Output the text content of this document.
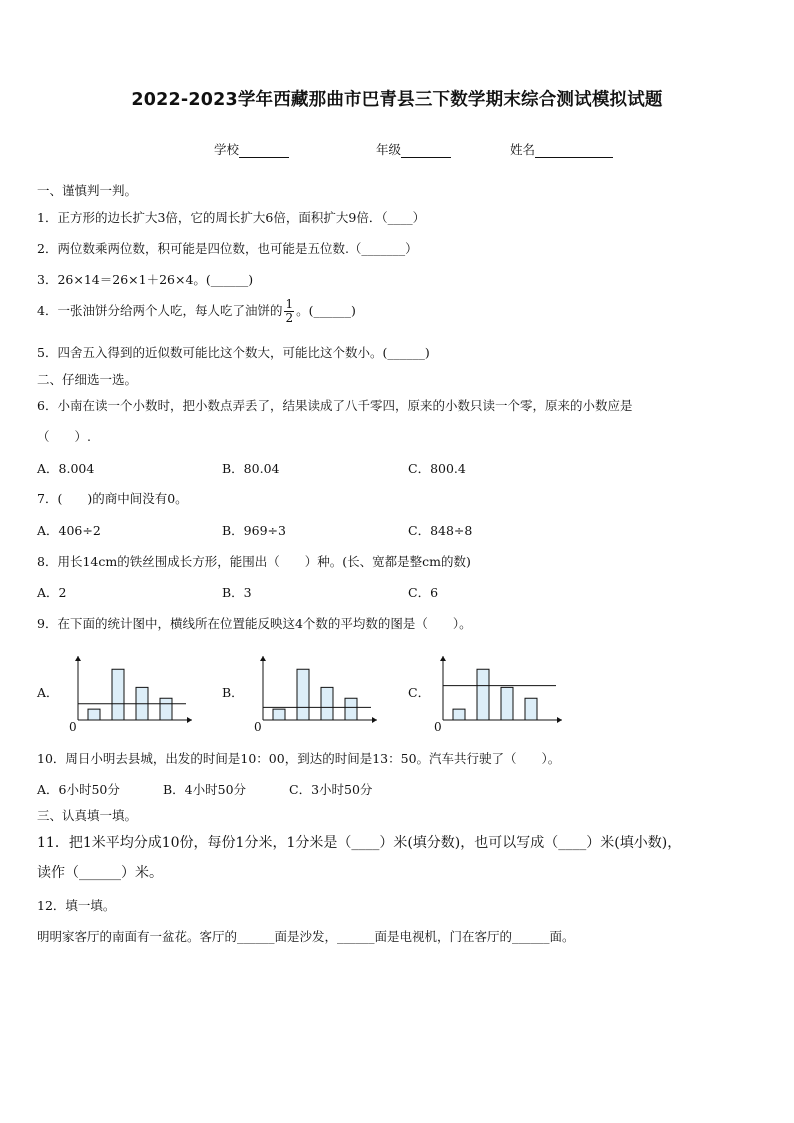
2022-2023学年西藏那曲市巴青县三下数学期末综合测试模拟试题
学校	年级	姓名
一、谨慎判一判。
1．正方形的边长扩大3倍，它的周长扩大6倍，面积扩大9倍．（____）
2．两位数乘两位数，积可能是四位数，也可能是五位数.（_______）
3．26×14＝26×1＋26×4。(______)
4．一张油饼分给两个人吃，每人吃了油饼的 $\frac{1}{2}$ 。(______)
5．四舍五入得到的近似数可能比这个数大，可能比这个数小。(______)
二、仔细选一选。
6．小南在读一个小数时，把小数点弄丢了，结果读成了八千零四，原来的小数只读一个零，原来的小数应是
（　　）.
A．8.004	B．80.04	C．800.4
7．(　　)的商中间没有0。
A．406÷2	B．969÷3	C．848÷8
8．用长14cm的铁丝围成长方形，能围出（　　）种。(长、宽都是整cm的数)
A．2	B．3	C．6
9．在下面的统计图中，横线所在位置能反映这4个数的平均数的图是（　　）。
A．	B．	C．
0	0	0
10．周日小明去县城，出发的时间是10：00，到达的时间是13：50。汽车共行驶了（　　）。
A．6小时50分	B．4小时50分	C．3小时50分
三、认真填一填。
11．把1米平均分成10份，每份1分米，1分米是（____）米(填分数)，也可以写成（____）米(填小数)，
读作（______）米。
12．填一填。
明明家客厅的南面有一盆花。客厅的______面是沙发，______面是电视机，门在客厅的______面。
